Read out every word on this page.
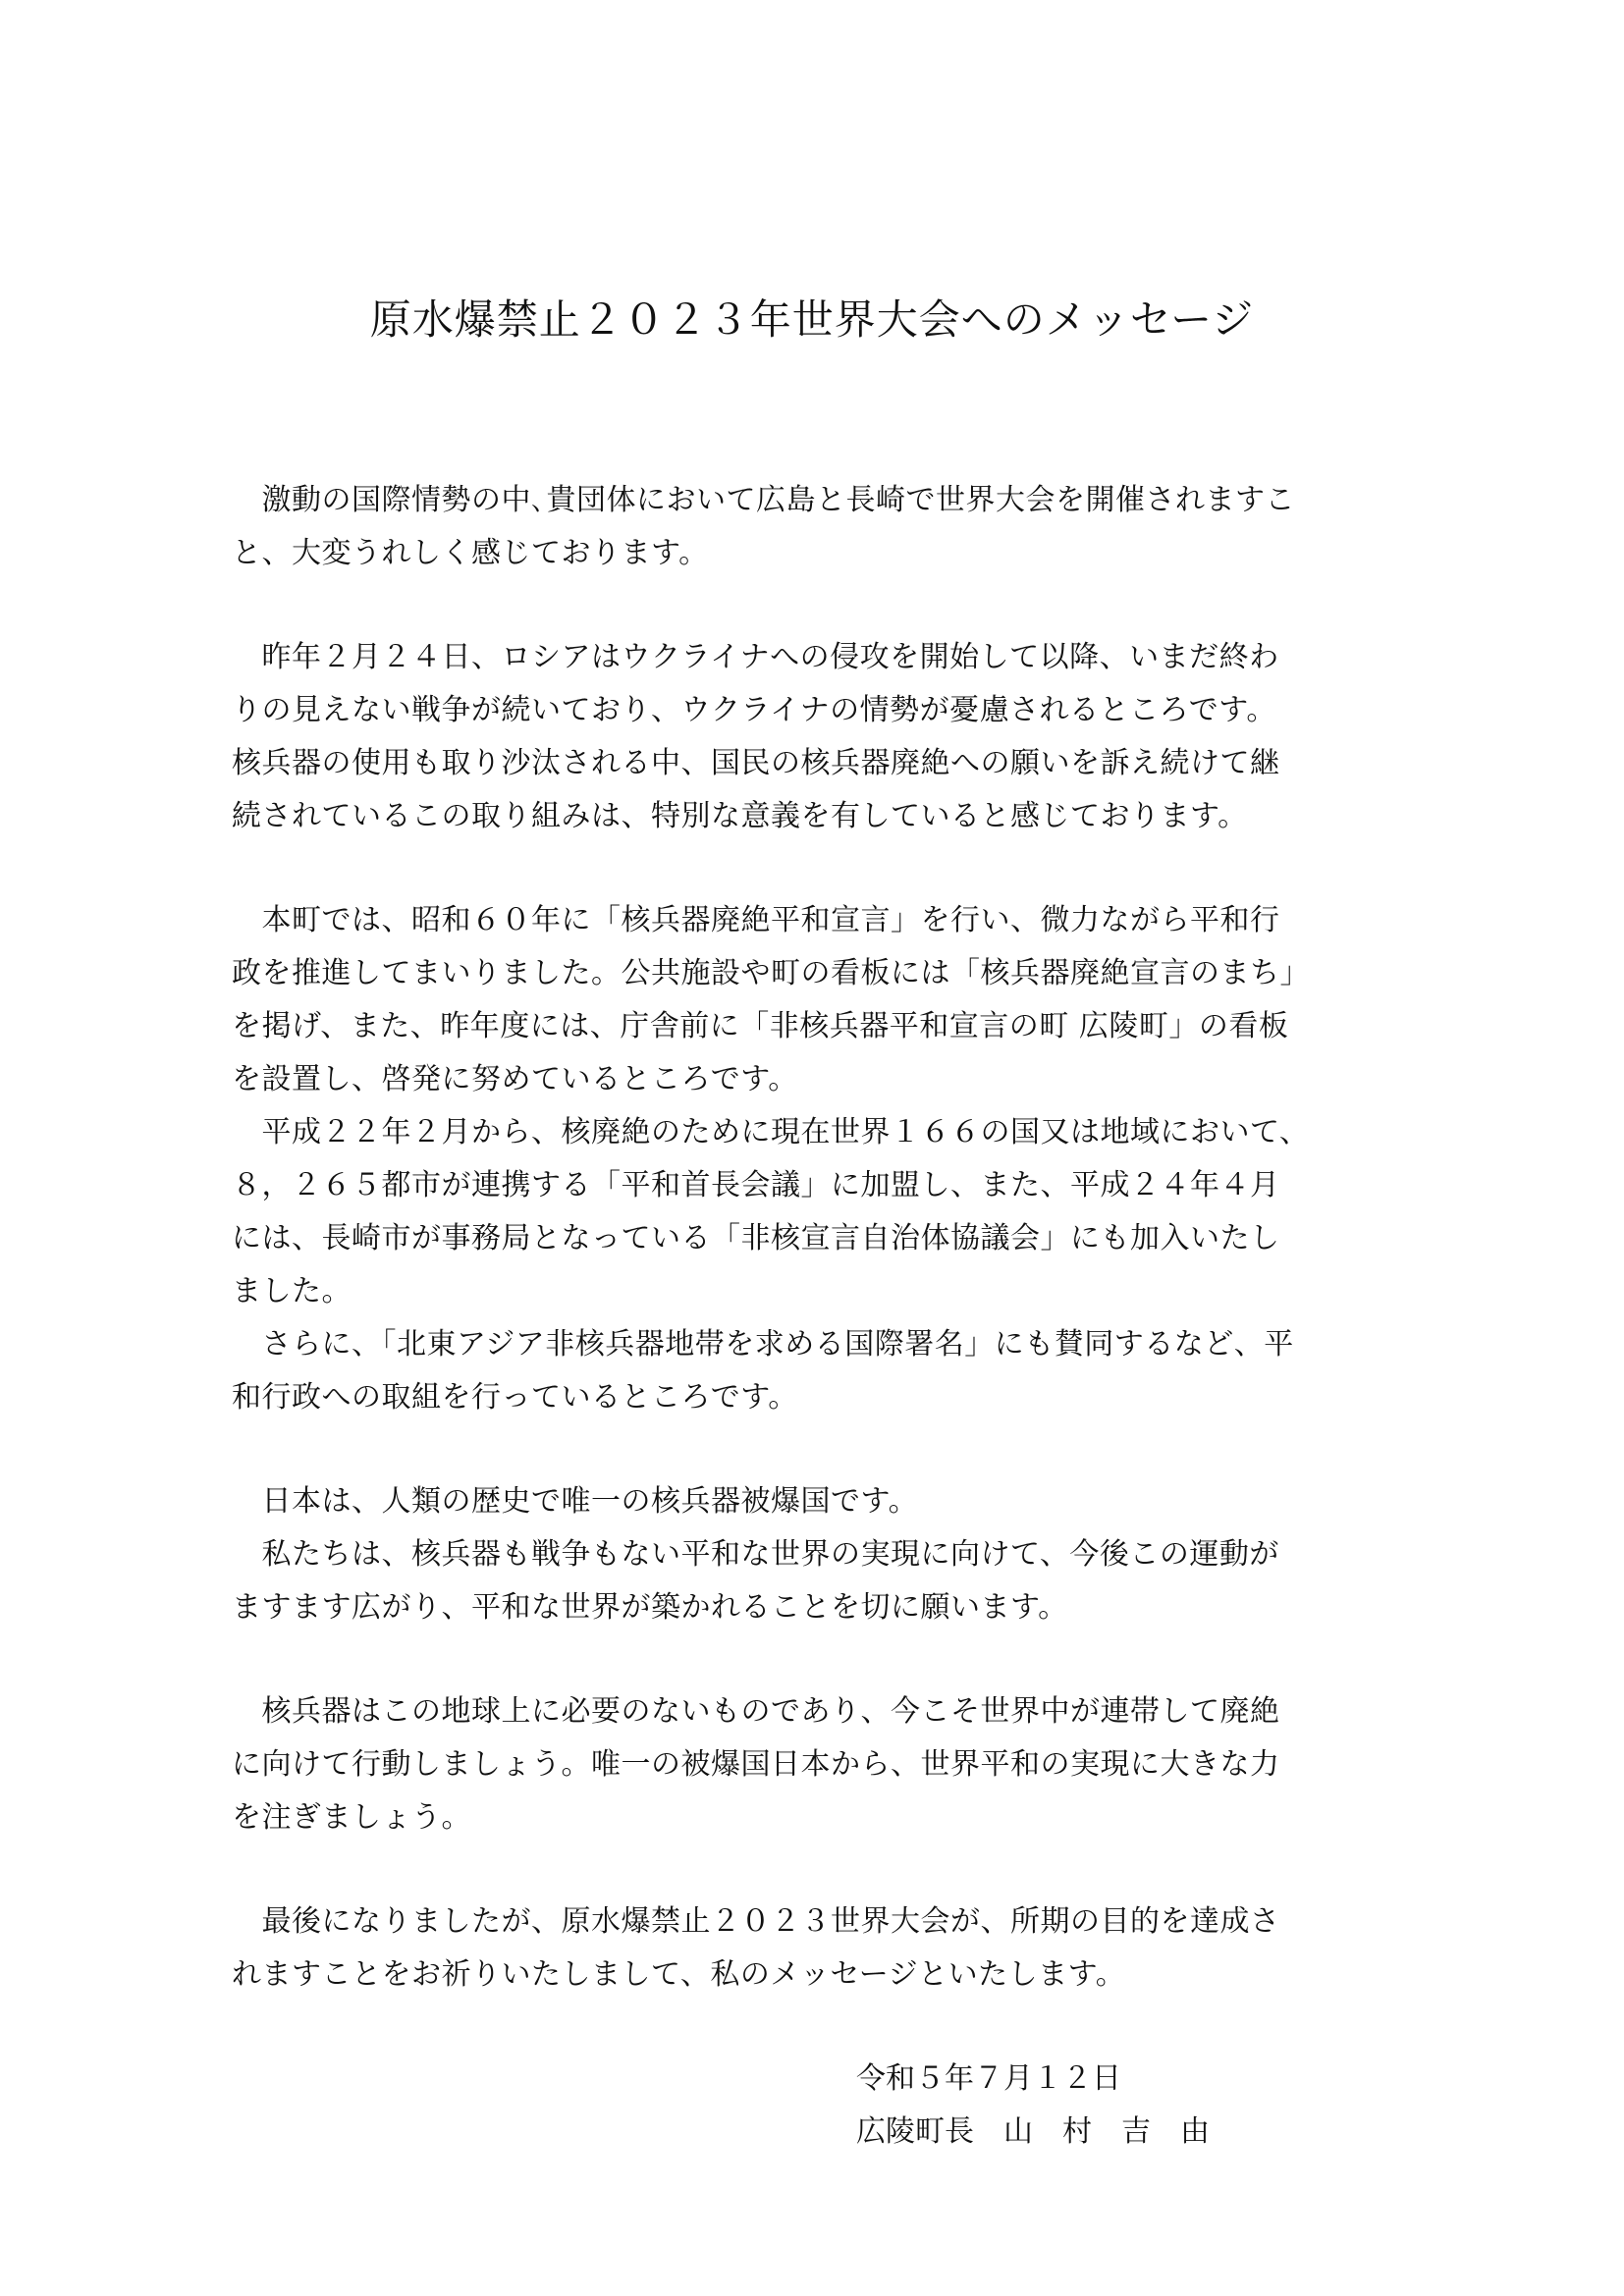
原水爆禁止２０２３年世界大会へのメッセージ
　激動の国際情勢の中､貴団体において広島と長崎で世界大会を開催されますこ
と、大変うれしく感じております。
　昨年２月２４日、ロシアはウクライナへの侵攻を開始して以降、いまだ終わ
りの見えない戦争が続いており、ウクライナの情勢が憂慮されるところです。
核兵器の使用も取り沙汰される中、国民の核兵器廃絶への願いを訴え続けて継
続されているこの取り組みは、特別な意義を有していると感じております。
　本町では、昭和６０年に「核兵器廃絶平和宣言」を行い、微力ながら平和行
政を推進してまいりました。公共施設や町の看板には「核兵器廃絶宣言のまち」
を掲げ、また、昨年度には、庁舎前に「非核兵器平和宣言の町 広陵町」の看板
を設置し、啓発に努めているところです。
　平成２２年２月から、核廃絶のために現在世界１６６の国又は地域において、
８，２６５都市が連携する「平和首長会議」に加盟し、また、平成２４年４月
には、長崎市が事務局となっている「非核宣言自治体協議会」にも加入いたし
ました。
　さらに、「北東アジア非核兵器地帯を求める国際署名」にも賛同するなど、平
和行政への取組を行っているところです。
　日本は、人類の歴史で唯一の核兵器被爆国です。
　私たちは、核兵器も戦争もない平和な世界の実現に向けて、今後この運動が
ますます広がり、平和な世界が築かれることを切に願います。
　核兵器はこの地球上に必要のないものであり、今こそ世界中が連帯して廃絶
に向けて行動しましょう。唯一の被爆国日本から、世界平和の実現に大きな力
を注ぎましょう。
　最後になりましたが、原水爆禁止２０２３世界大会が、所期の目的を達成さ
れますことをお祈りいたしまして、私のメッセージといたします。
令和５年７月１２日
広陵町長　山　村　吉　由
